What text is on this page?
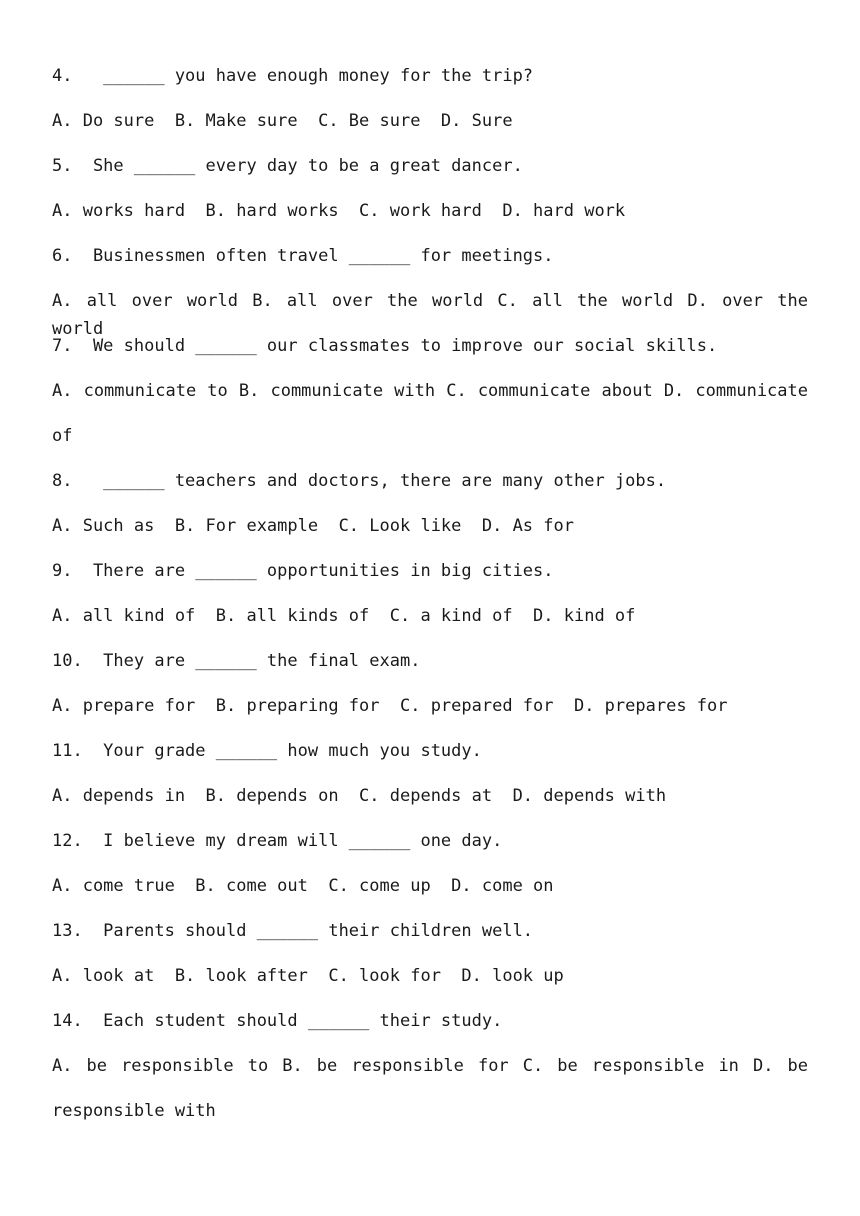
4.   ______ you have enough money for the trip?
A. Do sure  B. Make sure  C. Be sure  D. Sure
5.  She ______ every day to be a great dancer.
A. works hard  B. hard works  C. work hard  D. hard work
6.  Businessmen often travel ______ for meetings.
A. all over world B. all over the world C. all the world D. over the world
7.  We should ______ our classmates to improve our social skills.
A. communicate to B. communicate with C. communicate about D. communicate
of
8.   ______ teachers and doctors, there are many other jobs.
A. Such as  B. For example  C. Look like  D. As for
9.  There are ______ opportunities in big cities.
A. all kind of  B. all kinds of  C. a kind of  D. kind of
10.  They are ______ the final exam.
A. prepare for  B. preparing for  C. prepared for  D. prepares for
11.  Your grade ______ how much you study.
A. depends in  B. depends on  C. depends at  D. depends with
12.  I believe my dream will ______ one day.
A. come true  B. come out  C. come up  D. come on
13.  Parents should ______ their children well.
A. look at  B. look after  C. look for  D. look up
14.  Each student should ______ their study.
A. be responsible to B. be responsible for C. be responsible in D. be
responsible with
